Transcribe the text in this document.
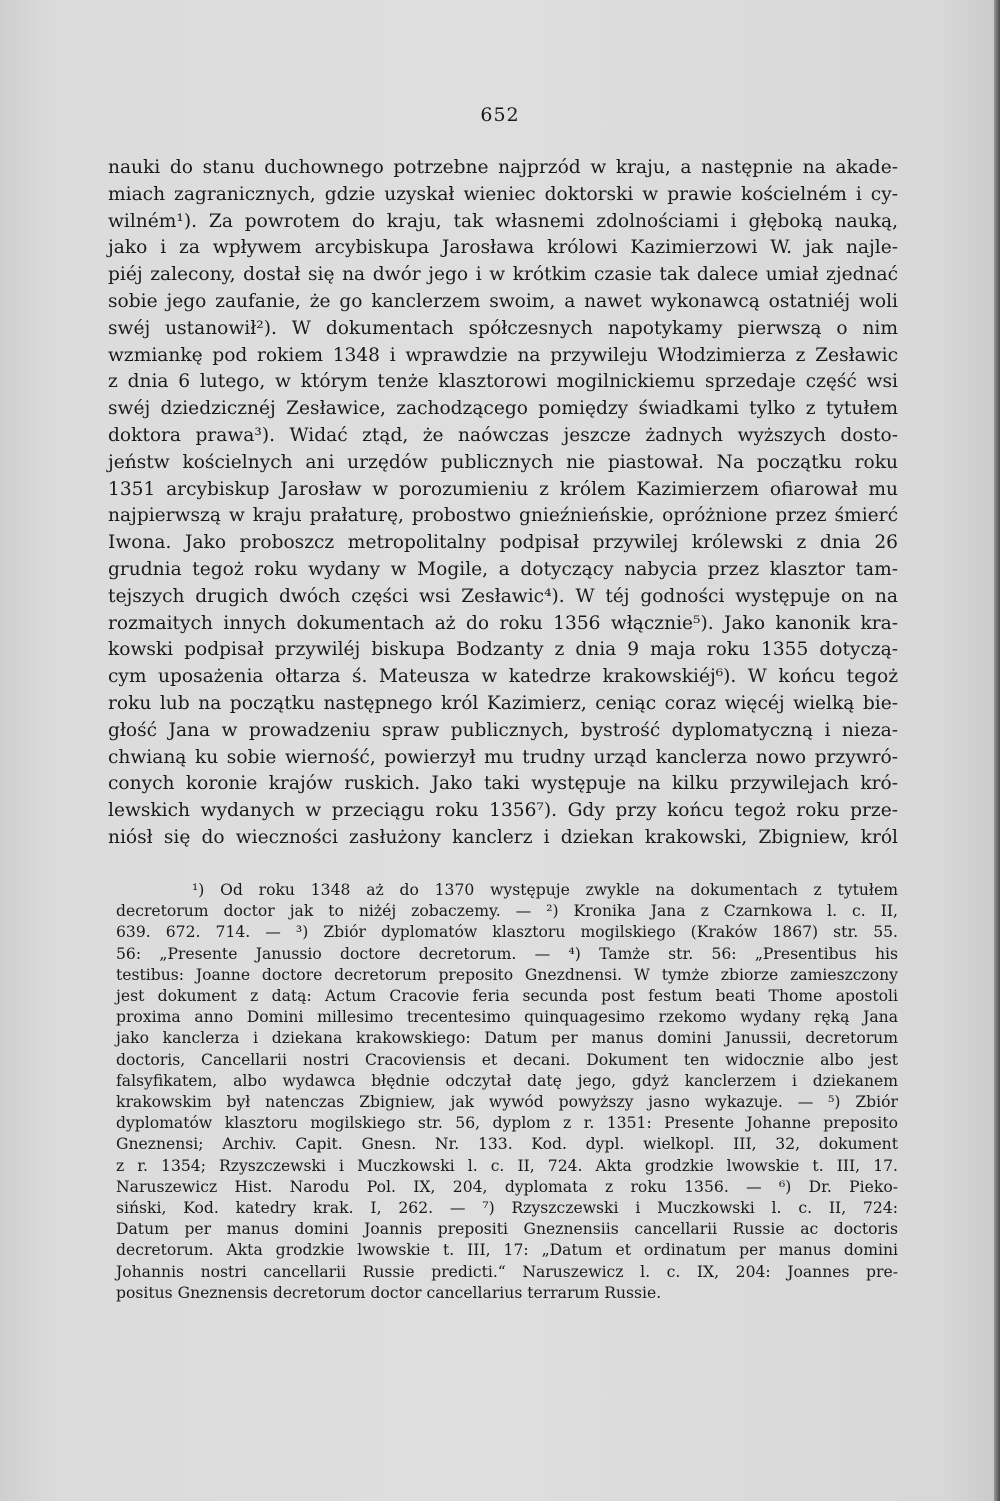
652
nauki do stanu duchownego potrzebne najprzód w kraju, a następnie na akade-
miach zagranicznych, gdzie uzyskał wieniec doktorski w prawie kościelném i cy-
wilném¹). Za powrotem do kraju, tak własnemi zdolnościami i głęboką nauką,
jako i za wpływem arcybiskupa Jarosława królowi Kazimierzowi W. jak najle-
piéj zalecony, dostał się na dwór jego i w krótkim czasie tak dalece umiał zjednać
sobie jego zaufanie, że go kanclerzem swoim, a nawet wykonawcą ostatniéj woli
swéj ustanowił²). W dokumentach spółczesnych napotykamy pierwszą o nim
wzmiankę pod rokiem 1348 i wprawdzie na przywileju Włodzimierza z Zesławic
z dnia 6 lutego, w którym tenże klasztorowi mogilnickiemu sprzedaje część wsi
swéj dziedzicznéj Zesławice, zachodzącego pomiędzy świadkami tylko z tytułem
doktora prawa³). Widać ztąd, że naówczas jeszcze żadnych wyższych dosto-
jeństw kościelnych ani urzędów publicznych nie piastował. Na początku roku
1351 arcybiskup Jarosław w porozumieniu z królem Kazimierzem ofiarował mu
najpierwszą w kraju prałaturę, probostwo gnieźnieńskie, opróżnione przez śmierć
Iwona. Jako proboszcz metropolitalny podpisał przywilej królewski z dnia 26
grudnia tegoż roku wydany w Mogile, a dotyczący nabycia przez klasztor tam-
tejszych drugich dwóch części wsi Zesławic⁴). W téj godności występuje on na
rozmaitych innych dokumentach aż do roku 1356 włącznie⁵). Jako kanonik kra-
kowski podpisał przywiléj biskupa Bodzanty z dnia 9 maja roku 1355 dotyczą-
cym uposażenia ołtarza ś. Mateusza w katedrze krakowskiéj⁶). W końcu tegoż
roku lub na początku następnego król Kazimierz, ceniąc coraz więcéj wielką bie-
głość Jana w prowadzeniu spraw publicznych, bystrość dyplomatyczną i nieza-
chwianą ku sobie wierność, powierzył mu trudny urząd kanclerza nowo przywró-
conych koronie krajów ruskich. Jako taki występuje na kilku przywilejach kró-
lewskich wydanych w przeciągu roku 1356⁷). Gdy przy końcu tegoż roku prze-
niósł się do wieczności zasłużony kanclerz i dziekan krakowski, Zbigniew, król
¹) Od roku 1348 aż do 1370 występuje zwykle na dokumentach z tytułem
decretorum doctor jak to niżéj zobaczemy. — ²) Kronika Jana z Czarnkowa l. c. II,
639. 672. 714. — ³) Zbiór dyplomatów klasztoru mogilskiego (Kraków 1867) str. 55.
56: „Presente Janussio doctore decretorum. — ⁴) Tamże str. 56: „Presentibus his
testibus: Joanne doctore decretorum preposito Gnezdnensi. W tymże zbiorze zamieszczony
jest dokument z datą: Actum Cracovie feria secunda post festum beati Thome apostoli
proxima anno Domini millesimo trecentesimo quinquagesimo rzekomo wydany ręką Jana
jako kanclerza i dziekana krakowskiego: Datum per manus domini Janussii, decretorum
doctoris, Cancellarii nostri Cracoviensis et decani. Dokument ten widocznie albo jest
falsyfikatem, albo wydawca błędnie odczytał datę jego, gdyż kanclerzem i dziekanem
krakowskim był natenczas Zbigniew, jak wywód powyższy jasno wykazuje. — ⁵) Zbiór
dyplomatów klasztoru mogilskiego str. 56, dyplom z r. 1351: Presente Johanne preposito
Gneznensi; Archiv. Capit. Gnesn. Nr. 133. Kod. dypl. wielkopl. III, 32, dokument
z r. 1354; Rzyszczewski i Muczkowski l. c. II, 724. Akta grodzkie lwowskie t. III, 17.
Naruszewicz Hist. Narodu Pol. IX, 204, dyplomata z roku 1356. — ⁶) Dr. Pieko-
siński, Kod. katedry krak. I, 262. — ⁷) Rzyszczewski i Muczkowski l. c. II, 724:
Datum per manus domini Joannis prepositi Gneznensiis cancellarii Russie ac doctoris
decretorum. Akta grodzkie lwowskie t. III, 17: „Datum et ordinatum per manus domini
Johannis nostri cancellarii Russie predicti.“ Naruszewicz l. c. IX, 204: Joannes pre-
positus Gneznensis decretorum doctor cancellarius terrarum Russie.
